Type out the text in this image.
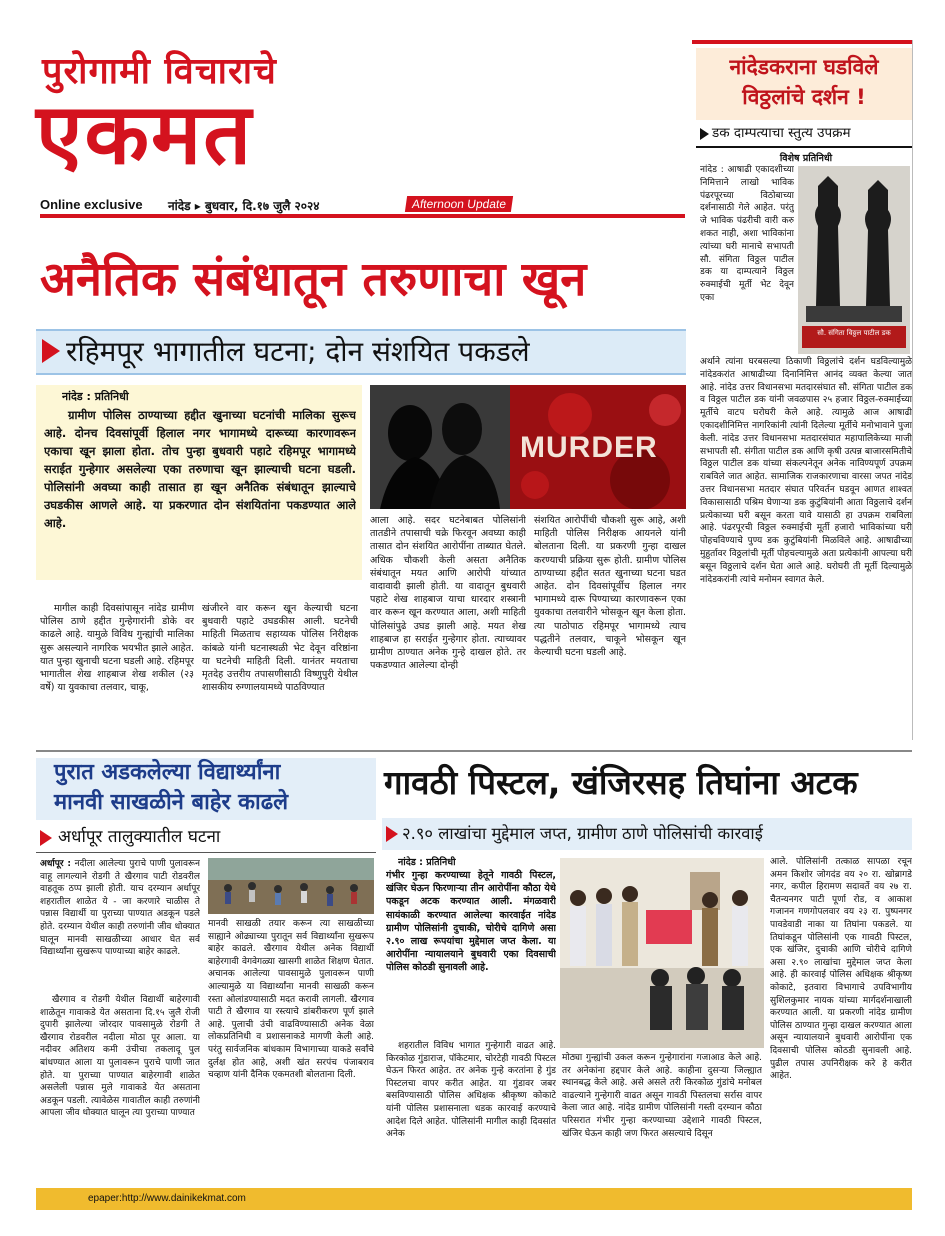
पुरोगामी विचाराचे
एकमत
Online exclusive नांदेड ▸ बुधवार, दि.१७ जुलै २०२४	Afternoon Update
अनैतिक संबंधातून तरुणाचा खून
रहिमपूर भागातील घटना; दोन संशयित पकडले
नांदेड : प्रतिनिधी
ग्रामीण पोलिस ठाण्याच्या हद्दीत खुनाच्या घटनांची मालिका सुरूच आहे. दोनच दिवसांपूर्वी हिलाल नगर भागामध्ये दारूच्या कारणावरून एकाचा खून झाला होता. तोच पुन्हा बुधवारी पहाटे रहिमपूर भागामध्ये सराईत गुन्हेगार असलेल्या एका तरुणाचा खून झाल्याची घटना घडली. पोलिसांनी अवघ्या काही तासात हा खून अनैतिक संबंधातून झाल्याचे उघडकीस आणले आहे. या प्रकरणात दोन संशयितांना पकडण्यात आले आहे.
MURDER
मागील काही दिवसांपासून नांदेड ग्रामीण पोलिस ठाणे हद्दीत गुन्हेगारांनी डोके वर काढले आहे. यामुळे विविध गुन्ह्यांची मालिका सुरू असल्याने नागरिक भयभीत झाले आहेत. यात पुन्हा खुनाची घटना घडली आहे. रहिमपूर भागातील शेख शाहबाज शेख शकील (२३ वर्षे) या युवकाचा तलवार, चाकू,
खंजीरने वार करून खून केल्याची घटना बुधवारी पहाटे उघडकीस आली. घटनेची माहिती मिळताच सहाय्यक पोलिस निरीक्षक कांबळे यांनी घटनास्थळी भेट देवून वरिष्ठांना या घटनेची माहिती दिली. यानंतर मयताचा मृतदेह उत्तरीय तपासणीसाठी विष्णुपुरी येथील शासकीय रुग्णालयामध्ये पाठविण्यात
आला आहे. सदर घटनेबाबत पोलिसांनी तातडीने तपासाची चक्रे फिरवून अवघ्या काही तासात दोन संशयित आरोपींना ताब्यात घेतले. अधिक चौकशी केली असता अनैतिक संबंधातून मयत आणि आरोपी यांच्यात वादावादी झाली होती. या वादातून बुधवारी पहाटे शेख शाहबाज याचा धारदार शस्त्रानी वार करून खून करण्यात आला, अशी माहिती पोलिसांपुढे उघड झाली आहे. मयत शेख शाहबाज हा सराईत गुन्हेगार होता. त्याच्यावर ग्रामीण ठाण्यात अनेक गुन्हे दाखल होते. तर पकडण्यात आलेल्या दोन्ही
संशयित आरोपींची चौकशी सुरू आहे, अशी माहिती पोलिस निरीक्षक आयनले यांनी बोलताना दिली. या प्रकरणी गुन्हा दाखल करण्याची प्रक्रिया सुरू होती. ग्रामीण पोलिस ठाण्याच्या हद्दीत सतत खुनाच्या घटना घडत आहेत. दोन दिवसांपूर्वीच हिलाल नगर भागामध्ये दारू पिण्याच्या कारणावरून एका युवकाचा तलवारीने भोसकून खून केला होता. त्या पाठोपाठ रहिमपूर भागामध्ये त्याच पद्धतीने तलवार, चाकूने भोसकून खून केल्याची घटना घडली आहे.
नांदेडकराना घडविले विठ्ठलांचे दर्शन !
डक दाम्पत्याचा स्तुत्य उपक्रम
विशेष प्रतिनिधी
नांदेड : आषाढी एकादशीच्या निमित्ताने लाखो भाविक पंढरपूरच्या विठोबाच्या दर्शनासाठी गेले आहेत. परंतु जे भाविक पंढरीची वारी करु शकत नाही, अशा भाविकांना त्यांच्या घरी मानाचे सभापती सौ. संगिता विठ्ठल पाटील डक या दाम्पत्याने विठ्ठल रुक्माईची मूर्ती भेट देवून एका
सौ. संगिता विठ्ठल पाटील डक
अर्थाने त्यांना घरबसल्या ठिकाणी विठ्ठलांचे दर्शन घडविल्यामुळे नांदेडकरांत आषाढीच्या दिनानिमित्त आनंद व्यक्त केल्या जात आहे. नांदेड उत्तर विधानसभा मतदारसंघात सौ. संगिता पाटील डक व विठ्ठल पाटील डक यांनी जवळपास २५ हजार विठ्ठल-रुक्माईच्या मूर्तीचे वाटप घरोघरी केले आहे. त्यामुळे आज आषाढी एकादशीनिमित्त नागरिकांनी त्यांनी दिलेल्या मूर्तीचे मनोभावाने पुजा केली. नांदेड उत्तर विधानसभा मतदारसंघात महापालिकेच्या माजी सभापती सौ. संगीता पाटील डक आणि कृषी उत्पन्न बाजारसमितीचे विठ्ठल पाटील डक यांच्या संकल्पनेतून अनेक नाविण्यपूर्ण उपक्रम राबविले जात आहेत. सामाजिक राजकारणाचा वारसा जपत नांदेड उत्तर विधानसभा मतदार संघात परिवर्तन घडवून आणत शाश्वत विकासासाठी पश्रिम घेणाऱ्या डक कुटुंबियांनी आता विठ्ठलाचे दर्शन प्रत्येकाच्या घरी बसून करता यावे यासाठी हा उपक्रम राबविला आहे. पंढरपूरची विठ्ठल रुक्माईची मूर्ती हजारो भाविकांच्या घरी पोहचविण्याचे पुण्य डक कुटुंबियांनी मिळविले आहे. आषाढीच्या मुहुर्तावर विठ्ठलांची मूर्ती पोहचल्यामुळे अता प्रत्येकांनी आपल्या घरी बसून विठ्ठलाचे दर्शन घेता आले आहे. घरोघरी ती मूर्ती दिल्यामुळे नांदेडकरांनी त्यांचे मनोमन स्वागत केले.
पुरात अडकलेल्या विद्यार्थ्यांना
मानवी साखळीने बाहेर काढले
अर्धापूर तालुक्यातील घटना
अर्धापूर : नदीला आलेल्या पुराचे पाणी पुलावरून वाहू लागल्याने रोडगी ते खैरगाव पाटी रोडवरील वाहतूक ठप्प झाली होती. याच दरम्यान अर्धापूर शहरातील शाळेत ये - जा करणारे चाळीस ते पन्नास विद्यार्थी या पुराच्या पाण्यात अडकून पडले होते. दरम्यान येथील काही तरुणांनी जीव धोक्यात घालून मानवी साखळीच्या आधार घेत सर्व विद्यार्थ्यांना सुखरूप पाण्याच्या बाहेर काढले.
खैरगाव व रोडगी येथील विद्यार्थी बाहेरगावी शाळेतून गावाकडे येत असताना दि.१५ जुलै रोजी दुपारी झालेल्या जोरदार पावसामुळे रोडगी ते खैरगाव रोडवरील नदीला मोठा पूर आला. या नदीवर अतिशय कमी उंचीचा तकलादू पुल बांधण्यात आला या पुलावरून पुराचे पाणी जात होते. या पुराच्या पाण्यात बाहेरगावी शाळेत असलेली पन्नास मुले गावाकडे येत असताना अडकून पडली. त्यावेळेस गावातील काही तरुणांनी आपला जीव धोक्यात घालून त्या पुराच्या पाण्यात
मानवी साखळी तयार करून त्या साखळीच्या साह्याने ओढ्याच्या पुरातून सर्व विद्यार्थ्यांना सुखरूप बाहेर काढले. खैरगाव येथील अनेक विद्यार्थी बाहेरगावी वेगवेगळ्या खासगी शाळेत शिक्षण घेतात. अचानक आलेल्या पावसामुळे पुलावरून पाणी आल्यामुळे या विद्यार्थ्यांना मानवी साखळी करून रस्ता ओलांडण्यासाठी मदत करावी लागली. खैरगाव पाटी ते खैरगाव या रस्त्याचे डांबरीकरण पूर्ण झाले आहे. पुलाची उंची वाढविण्यासाठी अनेक वेळा लोकप्रतिनिधी व प्रशासनाकडे मागणी केली आहे. परंतु सार्वजनिक बांधकाम विभागाच्या याकडे सर्वांचे दुर्लक्ष होत आहे, अशी खंत सरपंच पंजाबराव चव्हाण यांनी दैनिक एकमतशी बोलताना दिली.
गावठी पिस्टल, खंजिरसह तिघांना अटक
२.९० लाखांचा मुद्देमाल जप्त, ग्रामीण ठाणे पोलिसांची कारवाई
नांदेड : प्रतिनिधी
गंभीर गुन्हा करण्याच्या हेतूने गावठी पिस्टल, खंजिर घेऊन फिरणाऱ्या तीन आरोपींना कौठा येथे पकडून अटक करण्यात आली. मंगळवारी सायंकाळी करण्यात आलेल्या कारवाईत नांदेड ग्रामीण पोलिसांनी दुचाकी, चोरीचे दागिणे असा २.९० लाख रूपयांचा मुद्देमाल जप्त केला. या आरोपींना न्यायालयाने बुधवारी एका दिवसाची पोलिस कोठडी सुनावली आहे.
शहरातील विविध भागात गुन्हेगारी वाढत आहे. किरकोळ गुंडाराज, पॉकेटमार, चोरटेही गावठी पिस्टल घेऊन फिरत आहेत. तर अनेक गुन्हे करतांना हे गुंड पिस्टलचा वापर करीत आहेत. या गुंडावर जबर बसविण्यासाठी पोलिस अधिक्षक श्रीकृष्ण कोकाटे यांनी पोलिस प्रशासनाला धडक कारवाई करण्याचे आदेश दिले आहेत. पोलिसांनी मागील काही दिवसांत अनेक
मोठ्या गुन्ह्यांची उकल करून गुन्हेगारांना गजाआड केले आहे. तर अनेकांना हद्दपार केले आहे. काहीना दुसऱ्या जिल्ह्यात स्थानबद्ध केले आहे. असे असले तरी किरकोळ गुंडांचे मनोबल वाढल्याने गुन्हेगारी वाढत असून गावठी पिस्तलचा सर्रास वापर केला जात आहे. नांदेड ग्रामीण पोलिसांनी गस्ती दरम्यान कौठा परिसरात गंभीर गुन्हा करण्याच्या उद्देशाने गावठी पिस्टल, खंजिर घेऊन काही जण फिरत असल्याचे दिसून
आले. पोलिसांनी तत्काळ सापळा रचून अमन किशोर जोगदंड वय २० रा. खोब्रागडे नगर, कपील हिरामण सदावर्ते वय २७ रा. चैतन्यनगर पाटी पूर्णा रोड, व आकाश गजानन गणगोपलवार वय २३ रा. पुष्पनगर पावडेवाडी नाका या तिघांना पकडले. या तिघांकडून पोलिसांनी एक गावठी पिस्टल, एक खंजिर, दुचाकी आणि चोरीचे दागिणे असा २.९० लाखांचा मुद्देमाल जप्त केला आहे. ही कारवाई पोलिस अधिक्षक श्रीकृष्ण कोकाटे, इतवारा विभागाचे उपविभागीय सुशिलकुमार नायक यांच्या मार्गदर्शनाखाली करण्यात आली. या प्रकरणी नांदेड ग्रामीण पोलिस ठाण्यात गुन्हा दाखल करण्यात आला असून न्यायालयाने बुधवारी आरोपींना एक दिवसाची पोलिस कोठडी सुनावली आहे. पुढील तपास उपनिरीक्षक करे हे करीत आहेत.
epaper:http://www.dainikekmat.com
